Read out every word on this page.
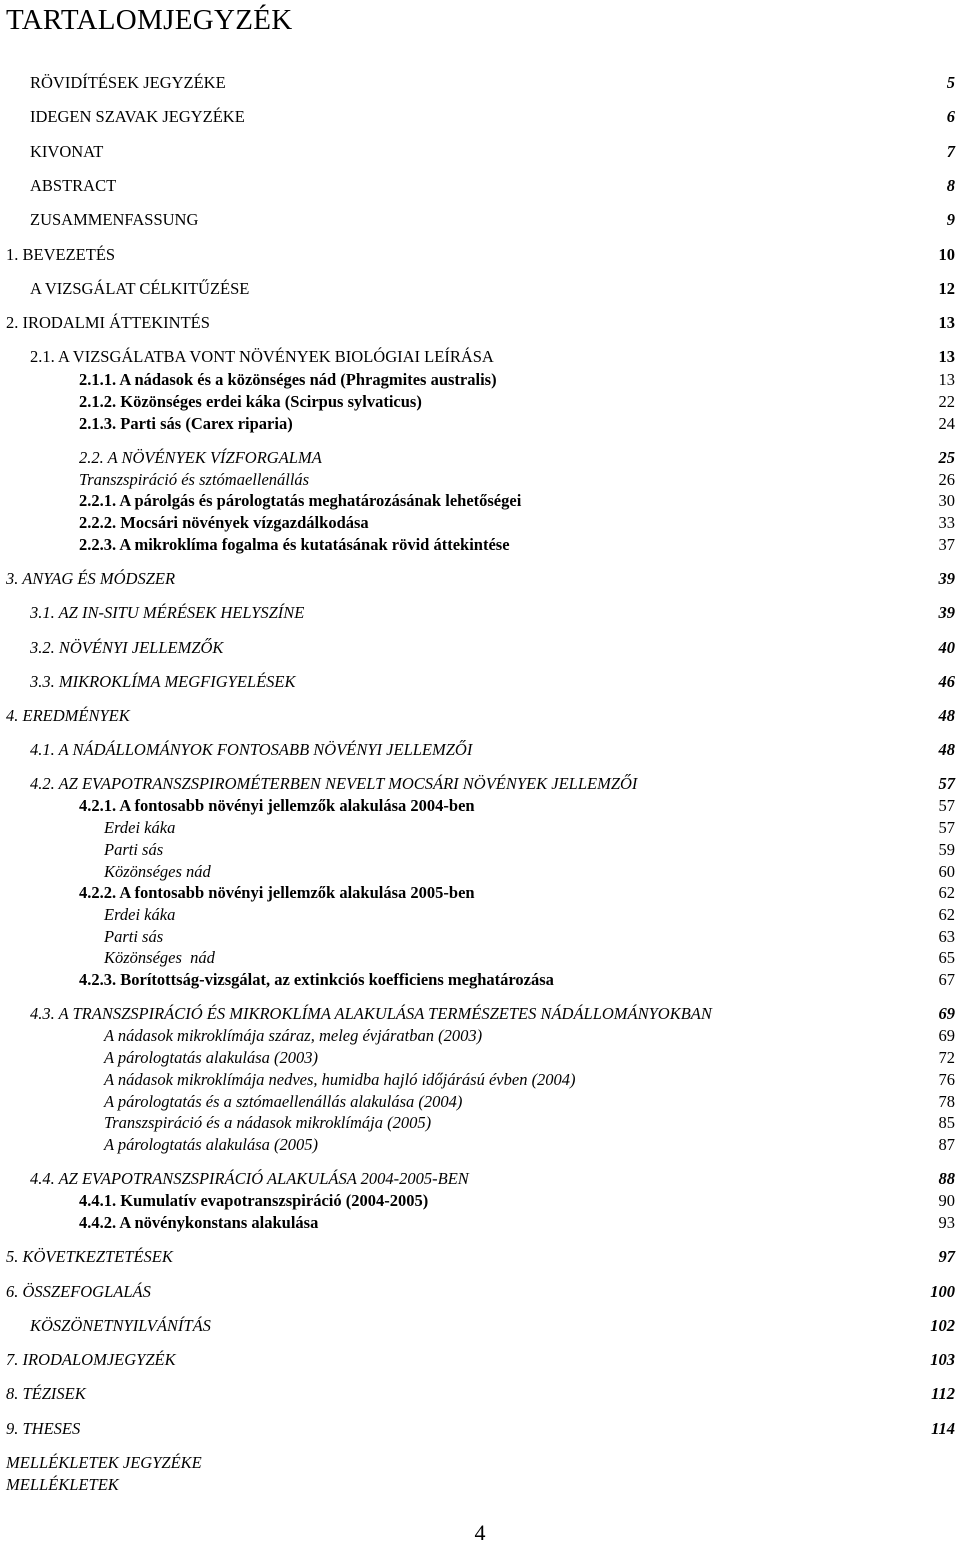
TARTALOMJEGYZÉK
RÖVIDÍTÉSEK JEGYZÉKE	5
IDEGEN SZAVAK JEGYZÉKE	6
KIVONAT	7
ABSTRACT	8
ZUSAMMENFASSUNG	9
1. BEVEZETÉS	10
A VIZSGÁLAT CÉLKITŰZÉSE	12
2. IRODALMI ÁTTEKINTÉS	13
2.1. A VIZSGÁLATBA VONT NÖVÉNYEK BIOLÓGIAI LEÍRÁSA	13
2.1.1. A nádasok és a közönséges nád (Phragmites australis)	13
2.1.2. Közönséges erdei káka (Scirpus sylvaticus)	22
2.1.3. Parti sás (Carex riparia)	24
2.2. A NÖVÉNYEK VÍZFORGALMA	25
Transzspiráció és sztómaellenállás	26
2.2.1. A párolgás és párologtatás meghatározásának lehetőségei	30
2.2.2. Mocsári növények vízgazdálkodása	33
2.2.3. A mikroklíma fogalma és kutatásának rövid áttekintése	37
3. ANYAG ÉS MÓDSZER	39
3.1. AZ IN-SITU MÉRÉSEK HELYSZÍNE	39
3.2. NÖVÉNYI JELLEMZŐK	40
3.3. MIKROKLÍMA MEGFIGYELÉSEK	46
4. EREDMÉNYEK	48
4.1. A NÁDÁLLOMÁNYOK FONTOSABB NÖVÉNYI JELLEMZŐI	48
4.2. AZ EVAPOTRANSZSPIROMÉTERBEN NEVELT MOCSÁRI NÖVÉNYEK JELLEMZŐI	57
4.2.1. A fontosabb növényi jellemzők alakulása 2004-ben	57
Erdei káka	57
Parti sás	59
Közönséges nád	60
4.2.2. A fontosabb növényi jellemzők alakulása 2005-ben	62
Erdei káka	62
Parti sás	63
Közönséges  nád	65
4.2.3. Borítottság-vizsgálat, az extinkciós koefficiens meghatározása	67
4.3. A TRANSZSPIRÁCIÓ ÉS MIKROKLÍMA ALAKULÁSA TERMÉSZETES NÁDÁLLOMÁNYOKBAN	69
A nádasok mikroklímája száraz, meleg évjáratban (2003)	69
A párologtatás alakulása (2003)	72
A nádasok mikroklímája nedves, humidba hajló időjárású évben (2004)	76
A párologtatás és a sztómaellenállás alakulása (2004)	78
Transzspiráció és a nádasok mikroklímája (2005)	85
A párologtatás alakulása (2005)	87
4.4. AZ EVAPOTRANSZSPIRÁCIÓ ALAKULÁSA 2004-2005-BEN	88
4.4.1. Kumulatív evapotranszspiráció (2004-2005)	90
4.4.2. A növénykonstans alakulása	93
5. KÖVETKEZTETÉSEK	97
6. ÖSSZEFOGLALÁS	100
KÖSZÖNETNYILVÁNÍTÁS	102
7. IRODALOMJEGYZÉK	103
8. TÉZISEK	112
9. THESES	114
MELLÉKLETEK JEGYZÉKE
MELLÉKLETEK
4
